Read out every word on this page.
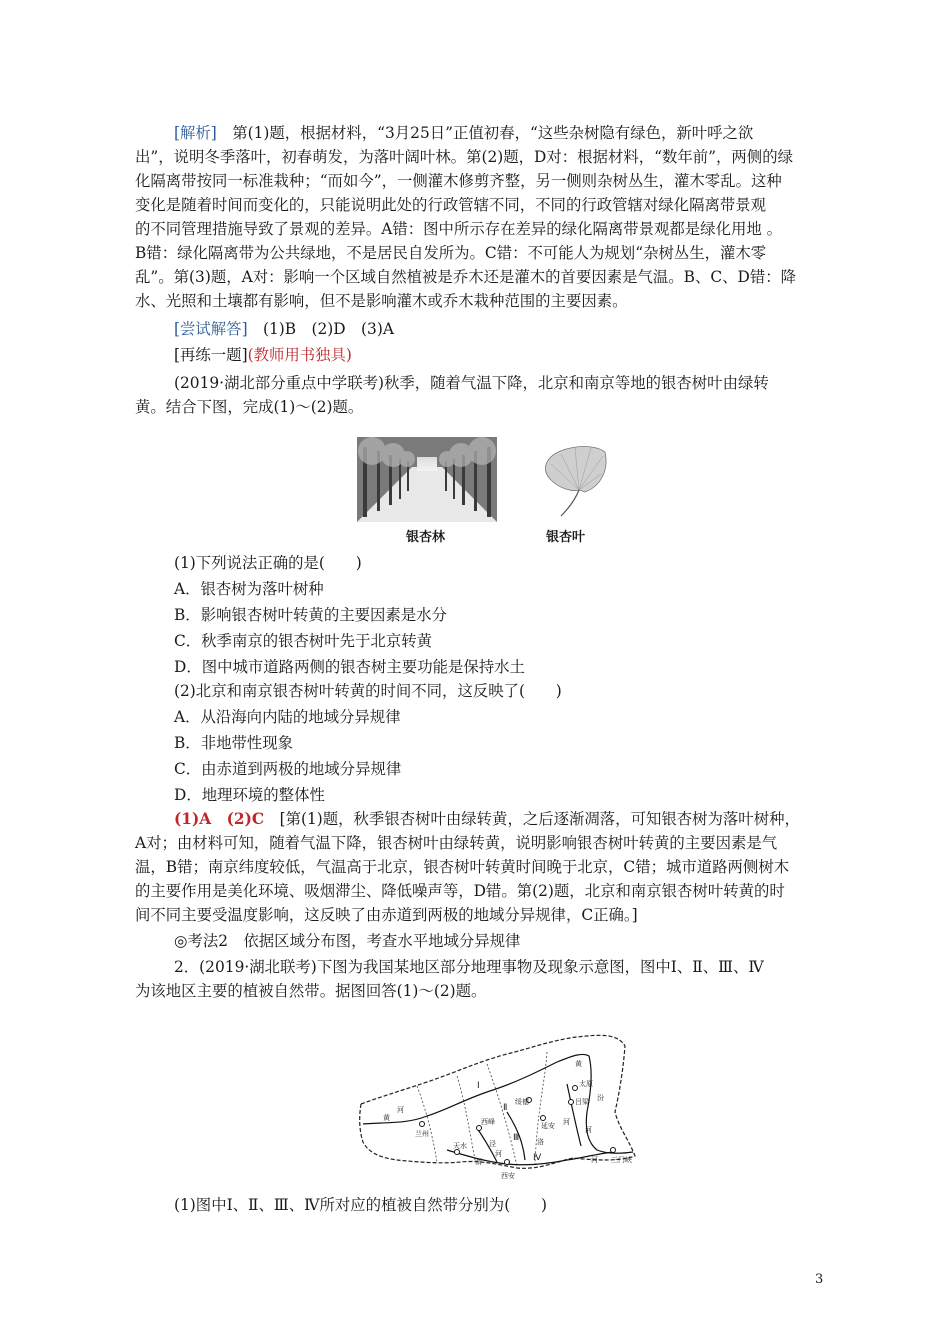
[解析]　 第(1)题，根据材料，“3月25日”正值初春，“这些杂树隐有绿色，新叶呼之欲
出”，说明冬季落叶，初春萌发，为落叶阔叶林。第(2)题，D对：根据材料，“数年前”，两侧的绿
化隔离带按同一标准栽种；“而如今”，一侧灌木修剪齐整，另一侧则杂树丛生，灌木零乱。这种
变化是随着时间而变化的，只能说明此处的行政管辖不同，不同的行政管辖对绿化隔离带景观
的不同管理措施导致了景观的差异。A错：图中所示存在差异的绿化隔离带景观都是绿化用地 。
B错：绿化隔离带为公共绿地，不是居民自发所为。C错：不可能人为规划“杂树丛生，灌木零
乱”。第(3)题，A对：影响一个区域自然植被是乔木还是灌木的首要因素是气温。B、C、D错：降
水、光照和土壤都有影响，但不是影响灌木或乔木栽种范围的主要因素。
[尝试解答]　 (1)B　(2)D　(3)A
[再练一题](教师用书独具)
(2019·湖北部分重点中学联考)秋季，随着气温下降，北京和南京等地的银杏树叶由绿转
黄。结合下图，完成(1)～(2)题。
银杏林	银杏叶
(1)下列说法正确的是(　　)
A．银杏树为落叶树种
B．影响银杏树叶转黄的主要因素是水分
C．秋季南京的银杏树叶先于北京转黄
D．图中城市道路两侧的银杏树主要功能是保持水土
(2)北京和南京银杏树叶转黄的时间不同，这反映了(　　)
A．从沿海向内陆的地域分异规律
B．非地带性现象
C．由赤道到两极的地域分异规律
D．地理环境的整体性
(1)A　 (2)C　 [第(1)题，秋季银杏树叶由绿转黄，之后逐渐凋落，可知银杏树为落叶树种，
A对；由材料可知，随着气温下降，银杏树叶由绿转黄，说明影响银杏树叶转黄的主要因素是气
温，B错；南京纬度较低，气温高于北京，银杏树叶转黄时间晚于北京，C错；城市道路两侧树木
的主要作用是美化环境、吸烟滞尘、降低噪声等，D错。第(2)题，北京和南京银杏树叶转黄的时
间不同主要受温度影响，这反映了由赤道到两极的地域分异规律，C正确。]
◎考法2　依据区域分布图，考查水平地域分异规律
2．(2019·湖北联考)下图为我国某地区部分地理事物及现象示意图，图中Ⅰ、Ⅱ、Ⅲ、Ⅳ
为该地区主要的植被自然带。据图回答(1)～(2)题。
黄
太原
吕梁 汾
绥德
河
延安
洛
河
黄
河
兰州
西峰
泾
天水
渭
河
河
西安
三门峡
Ⅰ
Ⅱ
Ⅲ
Ⅳ
(1)图中Ⅰ、Ⅱ、Ⅲ、Ⅳ所对应的植被自然带分别为(　　)
3
